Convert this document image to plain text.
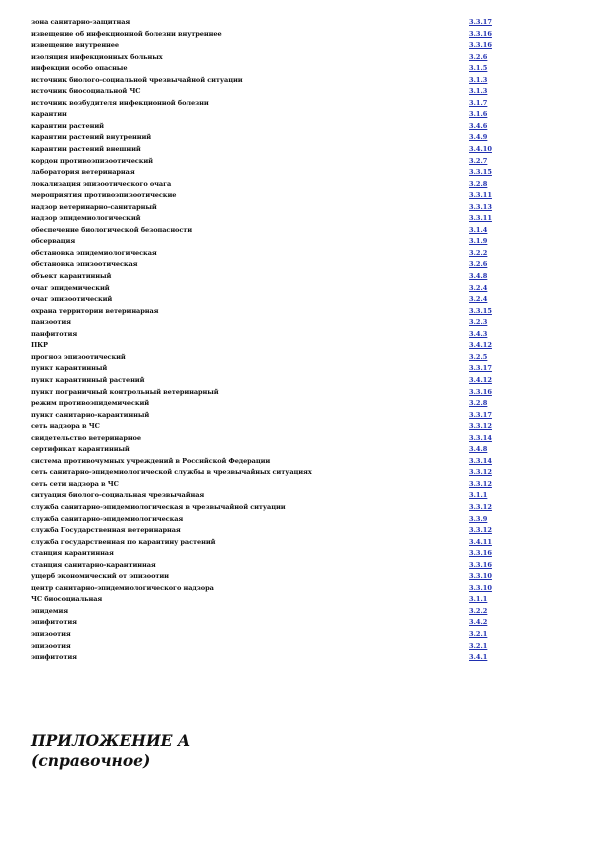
зона санитарно-защитная	3.3.17
извещение об инфекционной болезни внутреннее	3.3.16
извещение внутреннее	3.3.16
изоляция инфекционных больных	3.2.6
инфекции особо опасные	3.1.5
источник биолого-социальной чрезвычайной ситуации	3.1.3
источник биосоциальной ЧС	3.1.3
источник возбудителя инфекционной болезни	3.1.7
карантин	3.1.6
карантин растений	3.4.6
карантин растений внутренний	3.4.9
карантин растений внешний	3.4.10
кордон противоэпизоотический	3.2.7
лаборатория ветеринарная	3.3.15
локализация эпизоотического очага	3.2.8
мероприятия противоэпизоотические	3.3.11
надзор ветеринарно-санитарный	3.3.13
надзор эпидемиологический	3.3.11
обеспечение биологической безопасности	3.1.4
обсервация	3.1.9
обстановка эпидемиологическая	3.2.2
обстановка эпизоотическая	3.2.6
объект карантинный	3.4.8
очаг эпидемический	3.2.4
очаг эпизоотический	3.2.4
охрана территории ветеринарная	3.3.15
панзоотия	3.2.3
панфитотия	3.4.3
ПКР	3.4.12
прогноз эпизоотический	3.2.5
пункт карантинный	3.3.17
пункт карантинный растений	3.4.12
пункт пограничный контрольный ветеринарный	3.3.16
режим противоэпидемический	3.2.8
пункт санитарно-карантинный	3.3.17
сеть надзора в ЧС	3.3.12
свидетельство ветеринарное	3.3.14
сертификат карантинный	3.4.8
система противочумных учреждений в Российской Федерации	3.3.14
сеть санитарно-эпидемиологической службы в чрезвычайных ситуациях	3.3.12
сеть сети надзора в ЧС	3.3.12
ситуация биолого-социальная чрезвычайная	3.1.1
служба санитарно-эпидемиологическая в чрезвычайной ситуации	3.3.12
служба санитарно-эпидемиологическая	3.3.9
служба Государственная ветеринарная	3.3.12
служба государственная по карантину растений	3.4.11
станция карантинная	3.3.16
станция санитарно-карантинная	3.3.16
ущерб экономический от эпизоотии	3.3.10
центр санитарно-эпидемиологического надзора	3.3.10
ЧС биосоциальная	3.1.1
эпидемия	3.2.2
эпифитотия	3.4.2
эпизоотия	3.2.1
эпизоотия	3.2.1
эпифитотия	3.4.1
ПРИЛОЖЕНИЕ А
(справочное)
